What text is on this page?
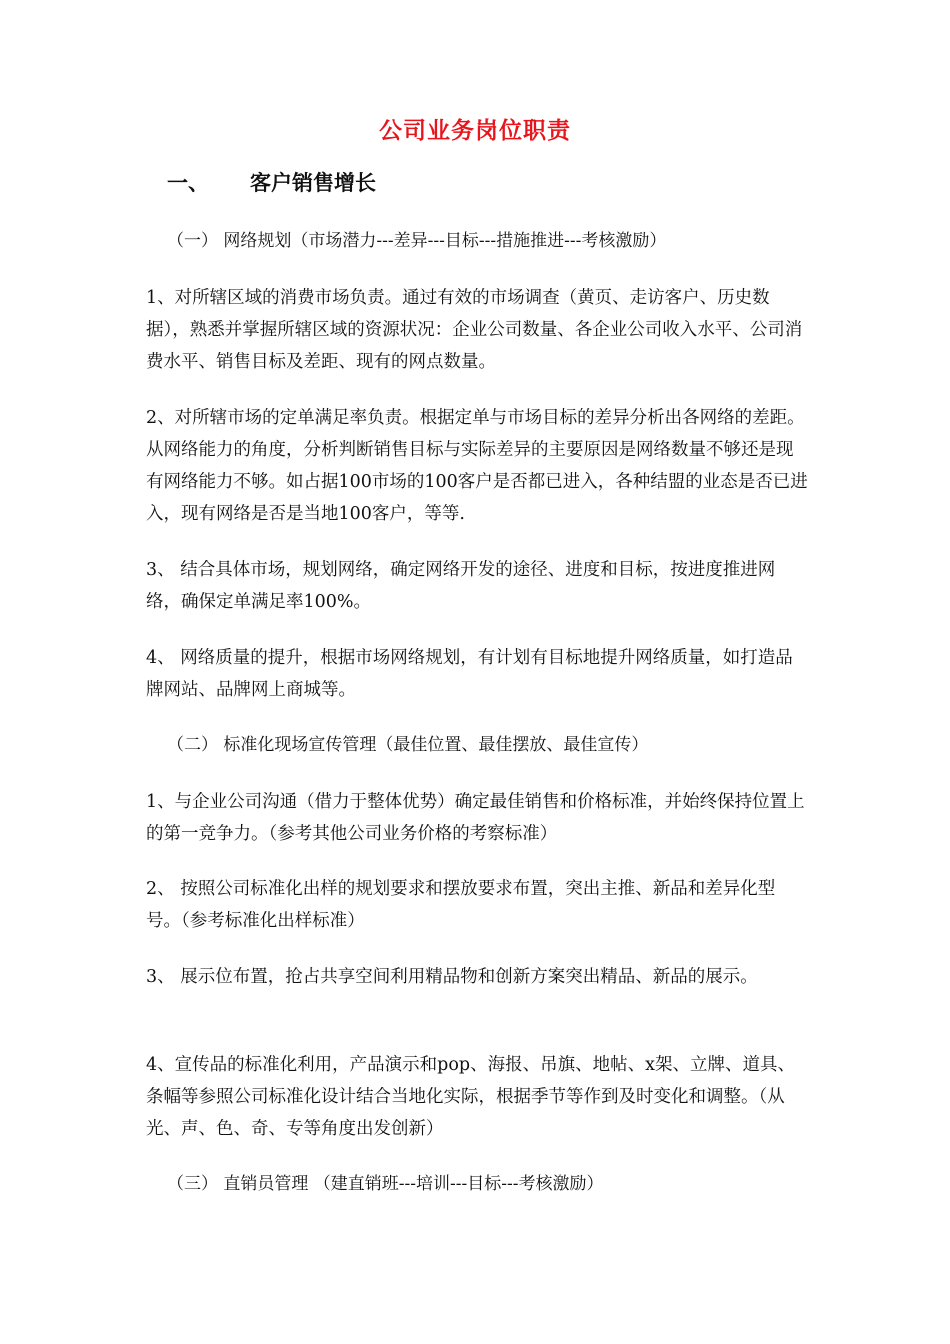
公司业务岗位职责
一、 客户销售增长
（一） 网络规划（市场潜力---差异---目标---措施推进---考核激励）
1、对所辖区域的消费市场负责。通过有效的市场调查（黄页、走访客户、历史数据），熟悉并掌握所辖区域的资源状况：企业公司数量、各企业公司收入水平、公司消费水平、销售目标及差距、现有的网点数量。
2、对所辖市场的定单满足率负责。根据定单与市场目标的差异分析出各网络的差距。从网络能力的角度，分析判断销售目标与实际差异的主要原因是网络数量不够还是现有网络能力不够。如占据100市场的100客户是否都已进入，各种结盟的业态是否已进入，现有网络是否是当地100客户，等等.
3、 结合具体市场，规划网络，确定网络开发的途径、进度和目标，按进度推进网络，确保定单满足率100%。
4、 网络质量的提升，根据市场网络规划，有计划有目标地提升网络质量，如打造品牌网站、品牌网上商城等。
（二） 标准化现场宣传管理（最佳位置、最佳摆放、最佳宣传）
1、与企业公司沟通（借力于整体优势）确定最佳销售和价格标准，并始终保持位置上的第一竞争力。（参考其他公司业务价格的考察标准）
2、 按照公司标准化出样的规划要求和摆放要求布置，突出主推、新品和差异化型号。（参考标准化出样标准）
3、 展示位布置，抢占共享空间利用精品物和创新方案突出精品、新品的展示。
4、宣传品的标准化利用，产品演示和pop、海报、吊旗、地帖、x架、立牌、道具、条幅等参照公司标准化设计结合当地化实际，根据季节等作到及时变化和调整。（从光、声、色、奇、专等角度出发创新）
（三） 直销员管理 （建直销班---培训---目标---考核激励）
